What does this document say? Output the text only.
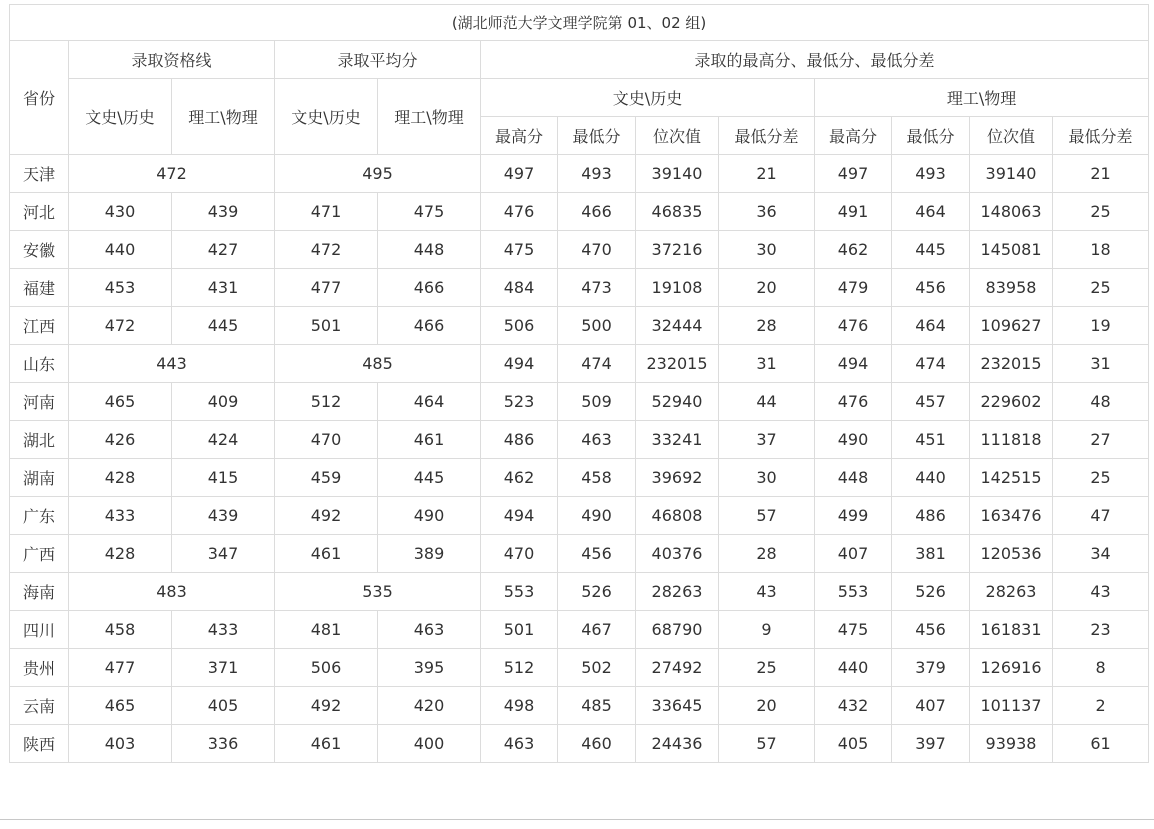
(湖北师范大学文理学院第 01、02 组)												
省份	录取资格线		录取平均分		录取的最高分、最低分、最低分差							
	文史\历史	理工\物理	文史\历史	理工\物理	文史\历史				理工\物理			
					最高分	最低分	位次值	最低分差	最高分	最低分	位次值	最低分差
天津	472		495		497	493	39140	21	497	493	39140	21
河北	430	439	471	475	476	466	46835	36	491	464	148063	25
安徽	440	427	472	448	475	470	37216	30	462	445	145081	18
福建	453	431	477	466	484	473	19108	20	479	456	83958	25
江西	472	445	501	466	506	500	32444	28	476	464	109627	19
山东	443		485		494	474	232015	31	494	474	232015	31
河南	465	409	512	464	523	509	52940	44	476	457	229602	48
湖北	426	424	470	461	486	463	33241	37	490	451	111818	27
湖南	428	415	459	445	462	458	39692	30	448	440	142515	25
广东	433	439	492	490	494	490	46808	57	499	486	163476	47
广西	428	347	461	389	470	456	40376	28	407	381	120536	34
海南	483		535		553	526	28263	43	553	526	28263	43
四川	458	433	481	463	501	467	68790	9	475	456	161831	23
贵州	477	371	506	395	512	502	27492	25	440	379	126916	8
云南	465	405	492	420	498	485	33645	20	432	407	101137	2
陕西	403	336	461	400	463	460	24436	57	405	397	93938	61
